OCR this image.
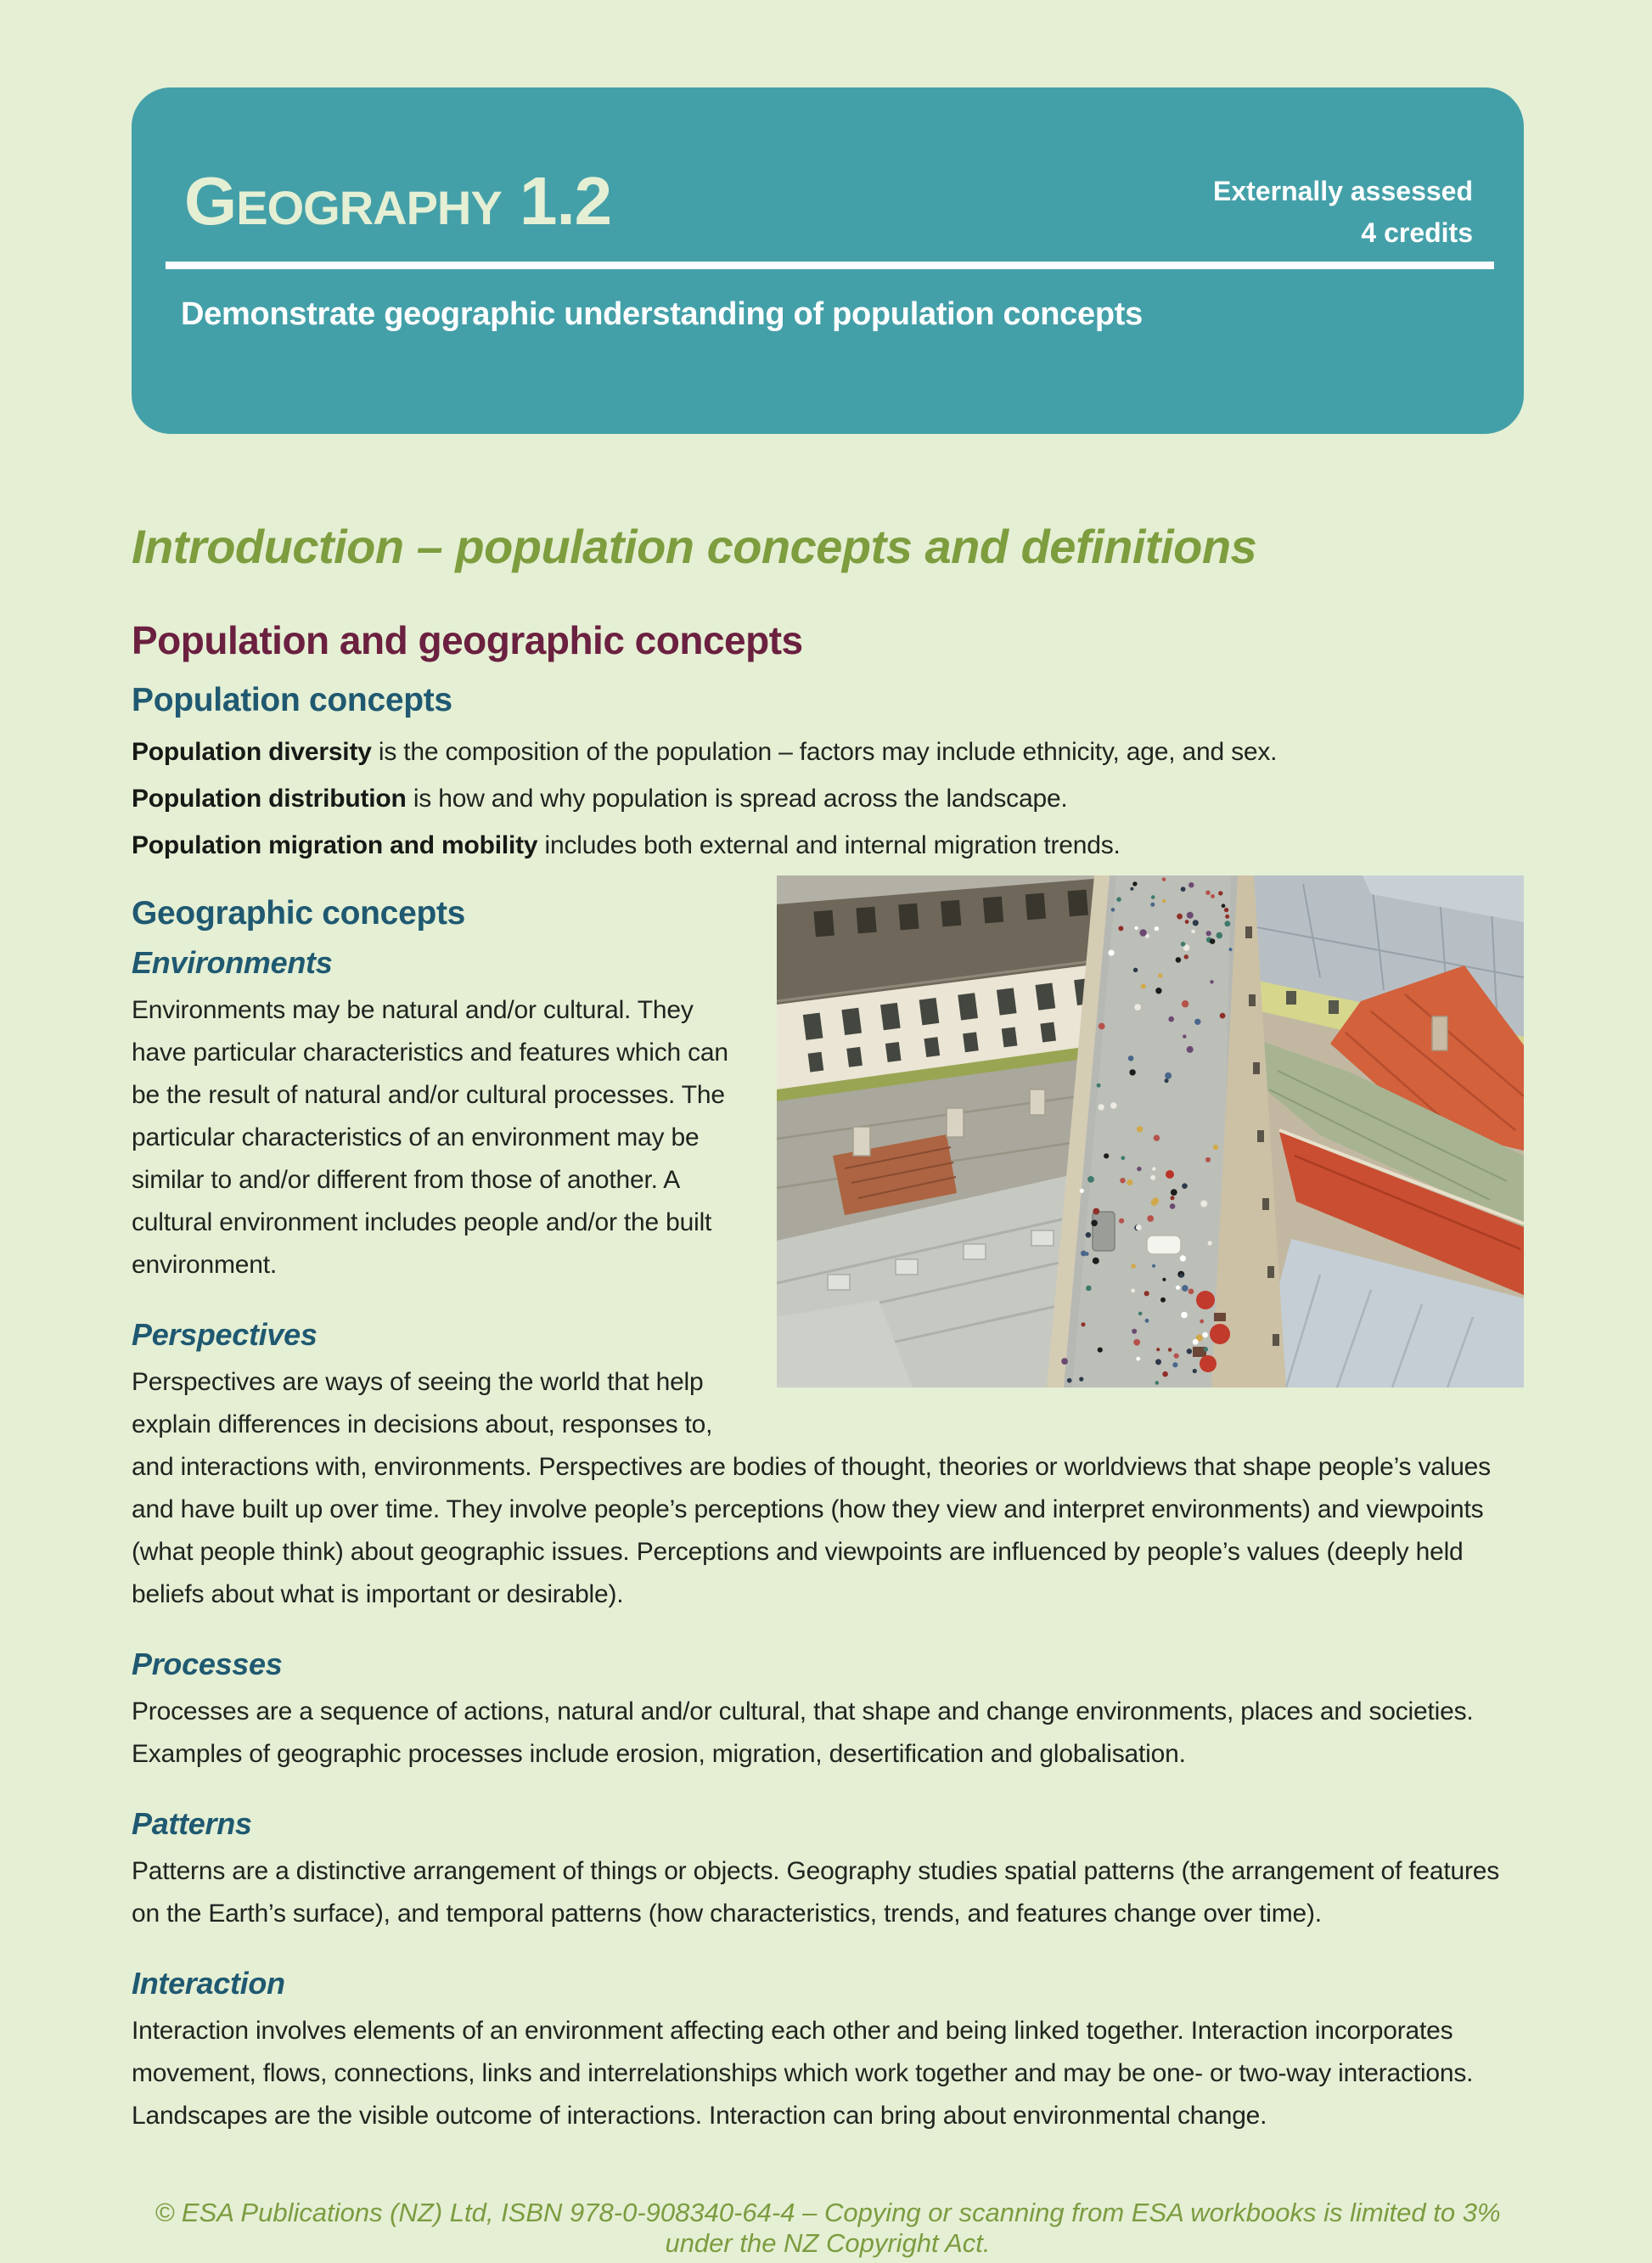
Geography 1.2	Externally assessed
4 credits
Demonstrate geographic understanding of population concepts
Introduction – population concepts and definitions
Population and geographic concepts
Population concepts

Population diversity is the composition of the population – factors may include ethnicity, age, and sex.

Population distribution is how and why population is spread across the landscape.

Population migration and mobility includes both external and internal migration trends.

Geographic concepts
Environments

Environments may be natural and/or cultural. They have particular characteristics and features which can be the result of natural and/or cultural processes. The particular characteristics of an environment may be similar to and/or different from those of another. A cultural environment includes people and/or the built environment.

Perspectives

Perspectives are ways of seeing the world that help explain differences in decisions about, responses to, and interactions with, environments. Perspectives are bodies of thought, theories or worldviews that shape people’s values and have built up over time. They involve people’s perceptions (how they view and interpret environments) and viewpoints (what people think) about geographic issues. Perceptions and viewpoints are influenced by people’s values (deeply held beliefs about what is important or desirable).

Processes

Processes are a sequence of actions, natural and/or cultural, that shape and change environments, places and societies. Examples of geographic processes include erosion, migration, desertification and globalisation.

Patterns

Patterns are a distinctive arrangement of things or objects. Geography studies spatial patterns (the arrangement of features on the Earth’s surface), and temporal patterns (how characteristics, trends, and features change over time).

Interaction

Interaction involves elements of an environment affecting each other and being linked together. Interaction incorporates movement, flows, connections, links and interrelationships which work together and may be one- or two-way interactions. Landscapes are the visible outcome of interactions. Interaction can bring about environmental change.

© ESA Publications (NZ) Ltd, ISBN 978-0-908340-64-4 – Copying or scanning from ESA workbooks is limited to 3% under the NZ Copyright Act.
